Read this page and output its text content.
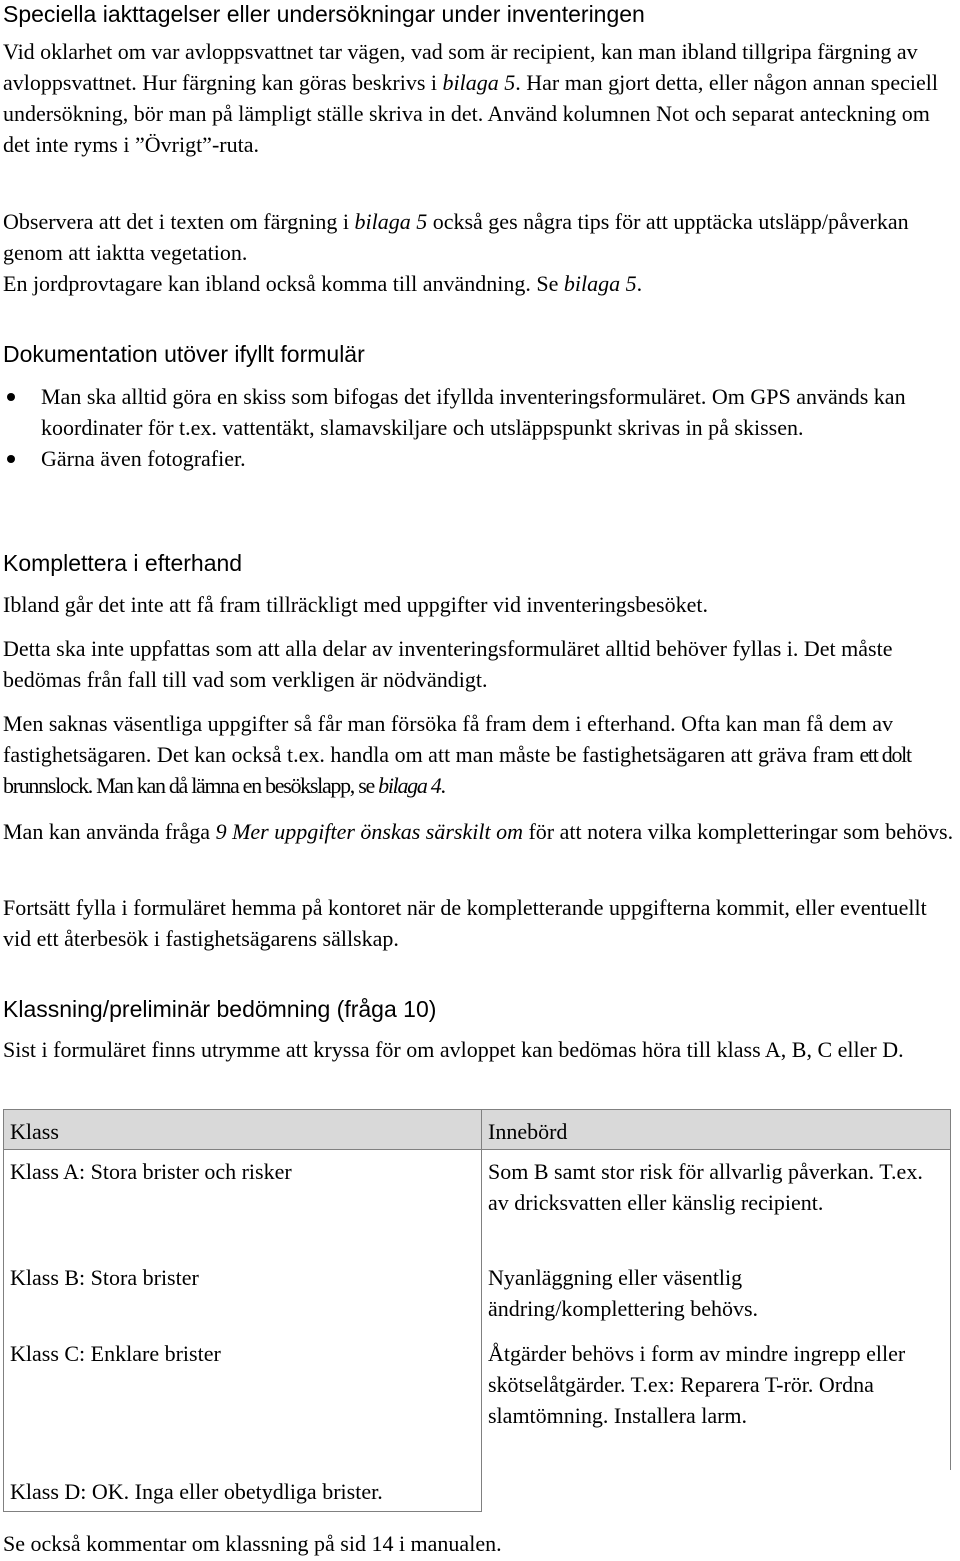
Speciella iakttagelser eller undersökningar under inventeringen

Vid oklarhet om var avloppsvattnet tar vägen, vad som är recipient, kan man ibland tillgripa färgning av avloppsvattnet. Hur färgning kan göras beskrivs i bilaga 5. Har man gjort detta, eller någon annan speciell undersökning, bör man på lämpligt ställe skriva in det. Använd kolumnen Not och separat anteckning om det inte ryms i ”Övrigt”-ruta.

Observera att det i texten om färgning i bilaga 5 också ges några tips för att upptäcka utsläpp/påverkan genom att iaktta vegetation.

En jordprovtagare kan ibland också komma till användning. Se bilaga 5.

Dokumentation utöver ifyllt formulär
Man ska alltid göra en skiss som bifogas det ifyllda inventeringsformuläret. Om GPS används kan koordinater för t.ex. vattentäkt, slamavskiljare och utsläppspunkt skrivas in på skissen.
Gärna även fotografier.
Komplettera i efterhand

Ibland går det inte att få fram tillräckligt med uppgifter vid inventeringsbesöket.

Detta ska inte uppfattas som att alla delar av inventeringsformuläret alltid behöver fyllas i. Det måste bedömas från fall till vad som verkligen är nödvändigt.

Men saknas väsentliga uppgifter så får man försöka få fram dem i efterhand. Ofta kan man få dem av fastighetsägaren. Det kan också t.ex. handla om att man måste be fastighetsägaren att gräva fram ett dolt brunnslock. Man kan då lämna en besökslapp, se bilaga 4.

Man kan använda fråga 9 Mer uppgifter önskas särskilt om för att notera vilka kompletteringar som behövs.

Fortsätt fylla i formuläret hemma på kontoret när de kompletterande uppgifterna kommit, eller eventuellt vid ett återbesök i fastighetsägarens sällskap.

Klassning/preliminär bedömning (fråga 10)

Sist i formuläret finns utrymme att kryssa för om avloppet kan bedömas höra till klass A, B, C eller D.

Klass	Innebörd
Klass A: Stora brister och risker	Som B samt stor risk för allvarlig påverkan. T.ex. av dricksvatten eller känslig recipient.
Klass B: Stora brister	Nyanläggning eller väsentlig ändring/komplettering behövs.
Klass C: Enklare brister	Åtgärder behövs i form av mindre ingrepp eller skötselåtgärder. T.ex: Reparera T-rör. Ordna slamtömning. Installera larm.
Klass D: OK. Inga eller obetydliga brister.	

Se också kommentar om klassning på sid 14 i manualen.
